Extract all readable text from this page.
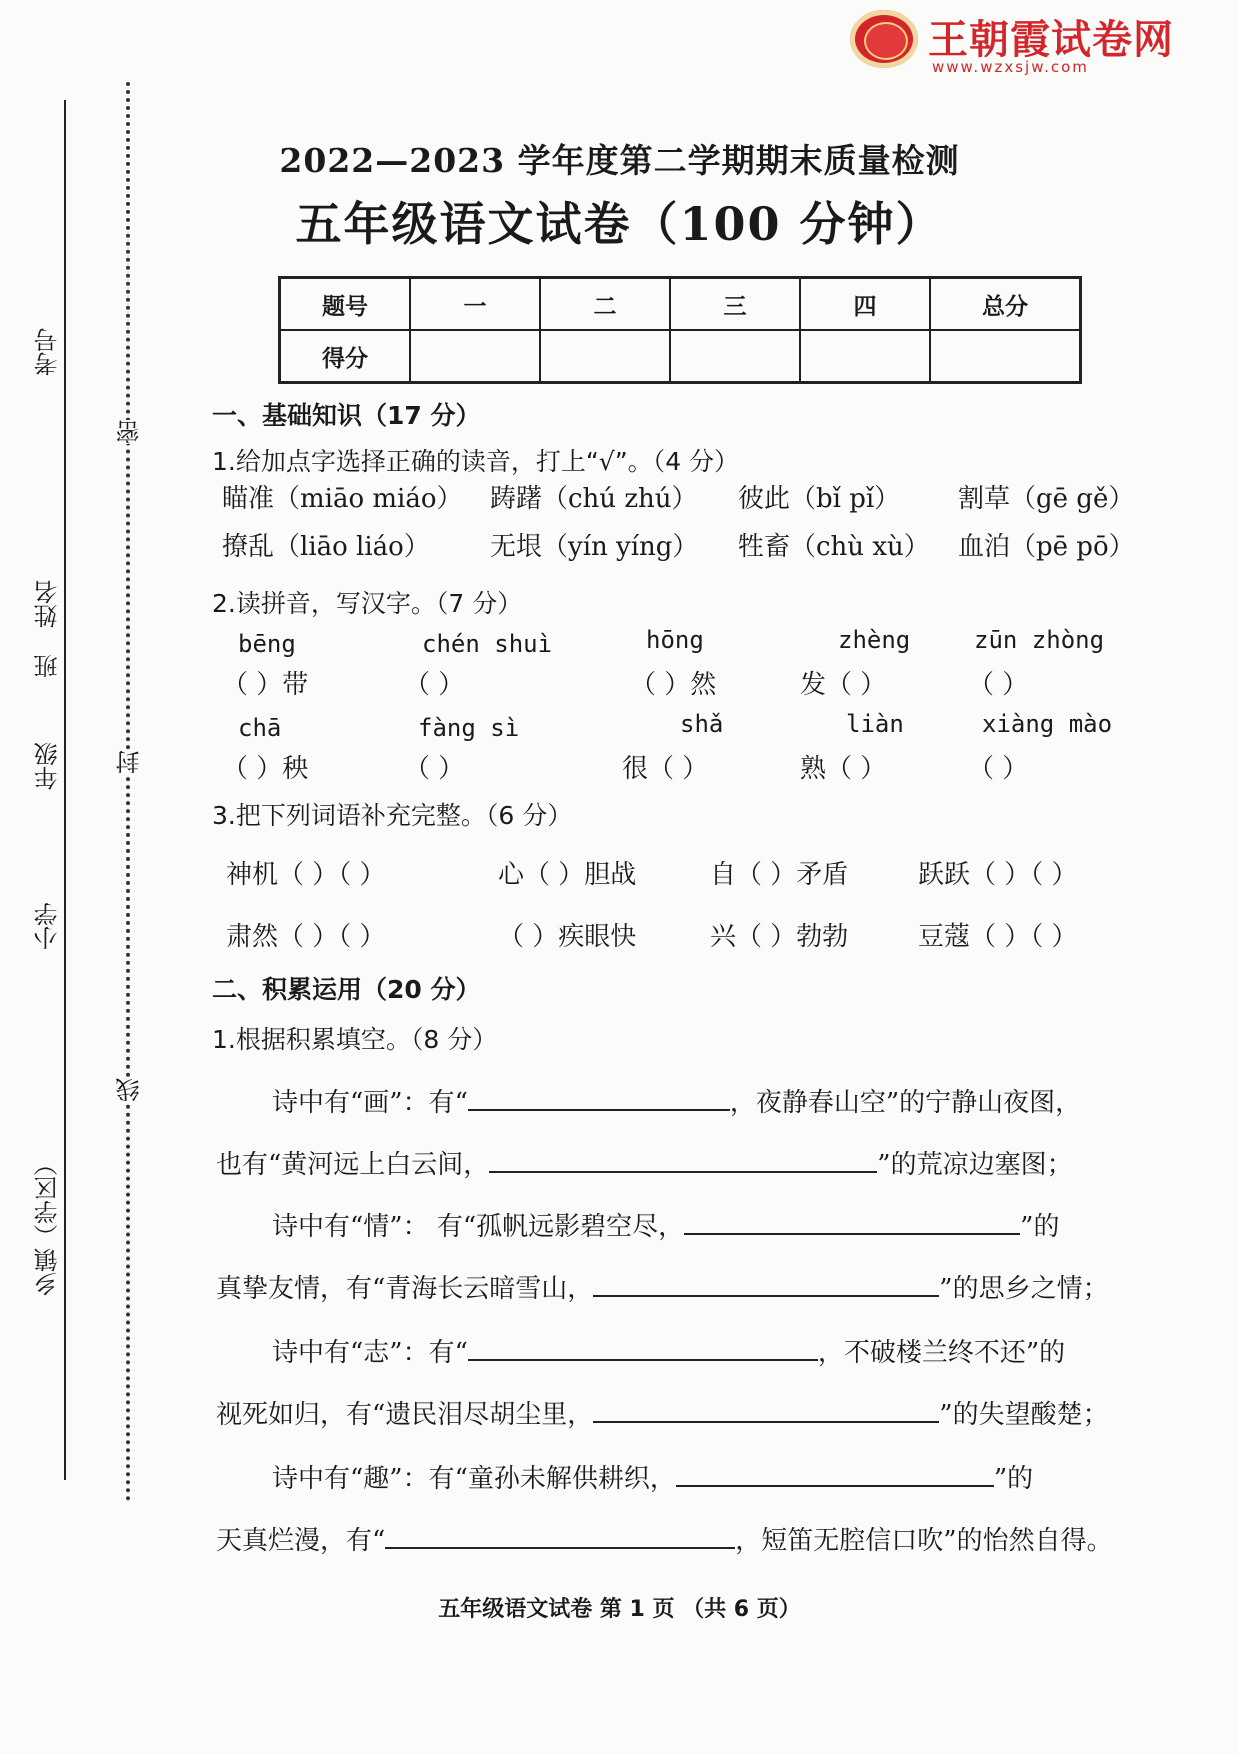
王朝霞试卷网
www.wzxsjw.com
考号
姓名
班
年级
小学
乡镇（学区）
密
封
线
2022—2023 学年度第二学期期末质量检测
五年级语文试卷（100 分钟）
题号	一	二	三	四	总分
得分					
一、基础知识（17 分）
1.给加点字选择正确的读音，打上“√”。（4 分）
瞄准（miāo miáo） 踌躇（chú zhú） 彼此（bǐ pǐ） 割草（gē gě）
撩乱（liāo liáo） 无垠（yín yíng） 牲畜（chù xù） 血泊（pē pō）
2.读拼音，写汉字。（7 分）
bēng	chén shuì	hōng	zhèng	zūn zhòng
（ ）带	（ ）	（ ）然	发（ ）	（ ）
chā	fàng sì	shǎ	liàn	xiàng mào
（ ）秧	（ ）	很（ ）	熟（ ）	（ ）
3.把下列词语补充完整。（6 分）
神机（ ）（ ）	心（ ）胆战	自（ ）矛盾	跃跃（ ）（ ）
肃然（ ）（ ）	（ ）疾眼快	兴（ ）勃勃	豆蔻（ ）（ ）
二、积累运用（20 分）
1.根据积累填空。（8 分）
诗中有“画”：有“	，夜静春山空”的宁静山夜图，
也有“黄河远上白云间，	”的荒凉边塞图；
诗中有“情”： 有“孤帆远影碧空尽，	”的
真挚友情，有“青海长云暗雪山，	”的思乡之情；
诗中有“志”：有“	，不破楼兰终不还”的
视死如归，有“遗民泪尽胡尘里，	”的失望酸楚；
诗中有“趣”：有“童孙未解供耕织，	”的
天真烂漫，有“	，短笛无腔信口吹”的怡然自得。
五年级语文试卷 第 1 页 （共 6 页）
